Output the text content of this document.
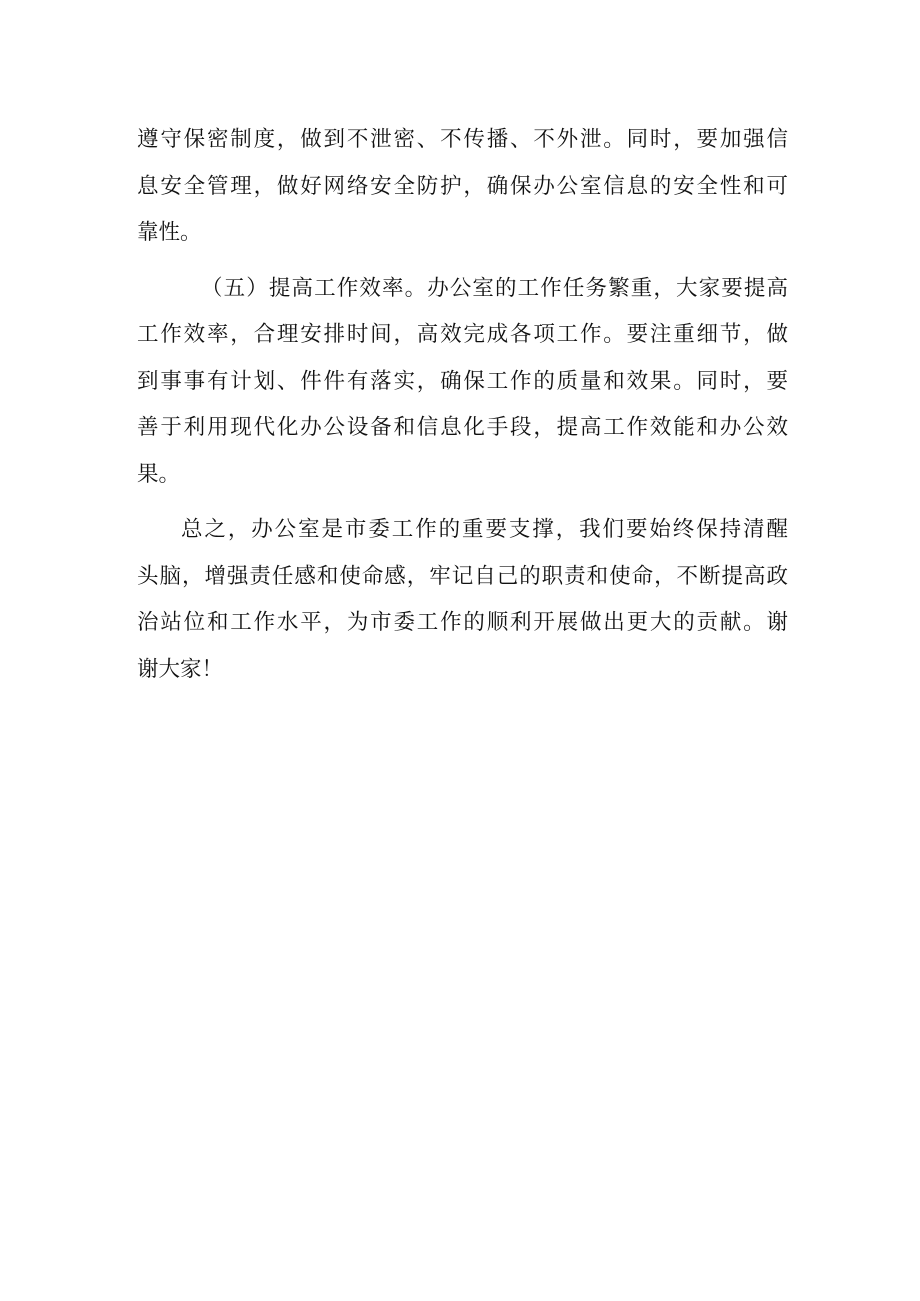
遵守保密制度，做到不泄密、不传播、不外泄。同时，要加强信
息安全管理，做好网络安全防护，确保办公室信息的安全性和可
靠性。
（五）提高工作效率。办公室的工作任务繁重，大家要提高
工作效率，合理安排时间，高效完成各项工作。要注重细节，做
到事事有计划、件件有落实，确保工作的质量和效果。同时，要
善于利用现代化办公设备和信息化手段，提高工作效能和办公效
果。
总之，办公室是市委工作的重要支撑，我们要始终保持清醒
头脑，增强责任感和使命感，牢记自己的职责和使命，不断提高政
治站位和工作水平，为市委工作的顺利开展做出更大的贡献。谢
谢大家！
